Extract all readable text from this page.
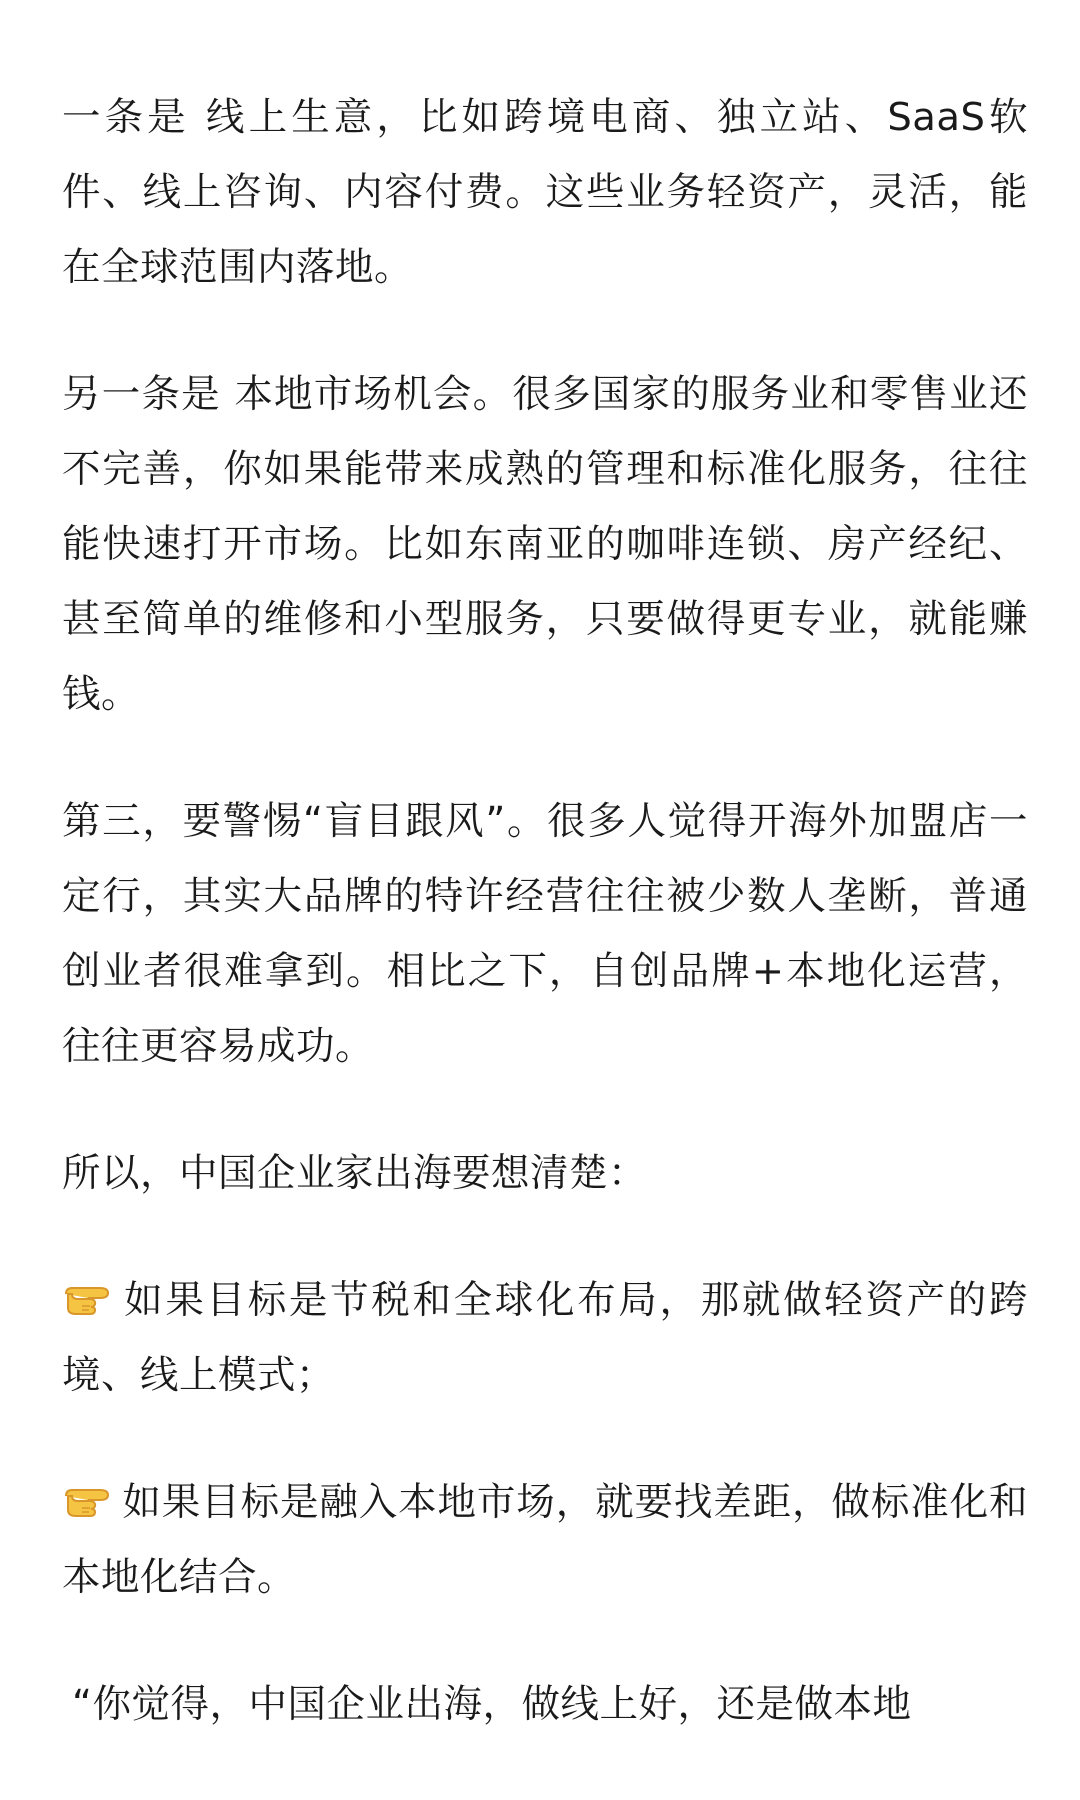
一条是 线上生意，比如跨境电商、独立站、SaaS软件、线上咨询、内容付费。这些业务轻资产，灵活，能在全球范围内落地。

另一条是 本地市场机会。很多国家的服务业和零售业还不完善，你如果能带来成熟的管理和标准化服务，往往能快速打开市场。比如东南亚的咖啡连锁、房产经纪、甚至简单的维修和小型服务，只要做得更专业，就能赚钱。

第三，要警惕“盲目跟风”。很多人觉得开海外加盟店一定行，其实大品牌的特许经营往往被少数人垄断，普通创业者很难拿到。相比之下，自创品牌+本地化运营，往往更容易成功。

所以，中国企业家出海要想清楚：

如果目标是节税和全球化布局，那就做轻资产的跨境、线上模式；

如果目标是融入本地市场，就要找差距，做标准化和本地化结合。

“你觉得，中国企业出海，做线上好，还是做本地
